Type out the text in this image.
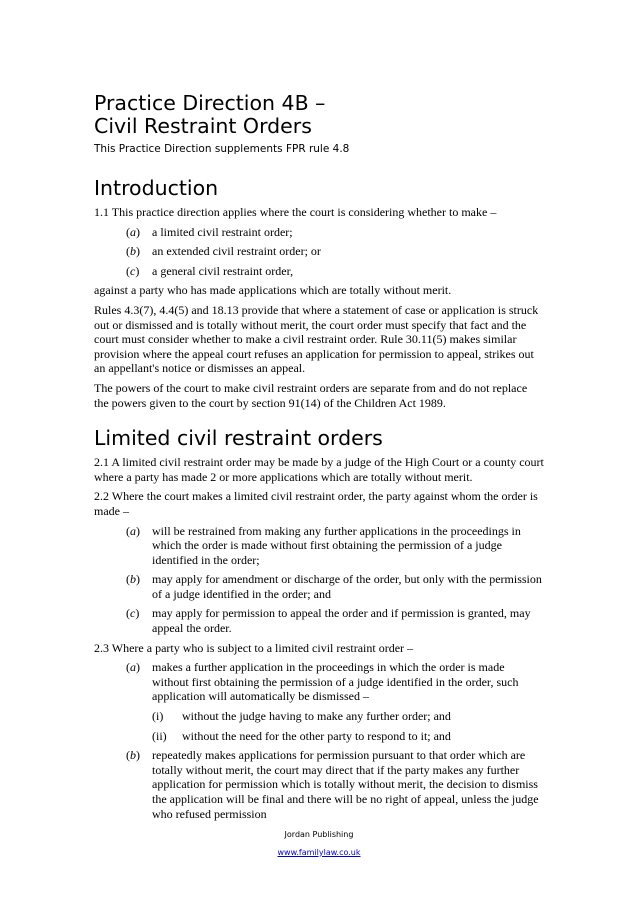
Practice Direction 4B –
Civil Restraint Orders

This Practice Direction supplements FPR rule 4.8

Introduction

1.1 This practice direction applies where the court is considering whether to make –

(a) a limited civil restraint order;
(b) an extended civil restraint order; or
(c) a general civil restraint order,

against a party who has made applications which are totally without merit.

Rules 4.3(7), 4.4(5) and 18.13 provide that where a statement of case or application is struck out or dismissed and is totally without merit, the court order must specify that fact and the court must consider whether to make a civil restraint order. Rule 30.11(5) makes similar provision where the appeal court refuses an application for permission to appeal, strikes out an appellant's notice or dismisses an appeal.

The powers of the court to make civil restraint orders are separate from and do not replace the powers given to the court by section 91(14) of the Children Act 1989.

Limited civil restraint orders

2.1 A limited civil restraint order may be made by a judge of the High Court or a county court where a party has made 2 or more applications which are totally without merit.

2.2 Where the court makes a limited civil restraint order, the party against whom the order is made –

(a) will be restrained from making any further applications in the proceedings in which the order is made without first obtaining the permission of a judge identified in the order;
(b) may apply for amendment or discharge of the order, but only with the permission of a judge identified in the order; and
(c) may apply for permission to appeal the order and if permission is granted, may appeal the order.

2.3 Where a party who is subject to a limited civil restraint order –

(a) makes a further application in the proceedings in which the order is made without first obtaining the permission of a judge identified in the order, such application will automatically be dismissed –
(i) without the judge having to make any further order; and
(ii) without the need for the other party to respond to it; and
(b) repeatedly makes applications for permission pursuant to that order which are totally without merit, the court may direct that if the party makes any further application for permission which is totally without merit, the decision to dismiss the application will be final and there will be no right of appeal, unless the judge who refused permission
Jordan Publishing
www.familylaw.co.uk
